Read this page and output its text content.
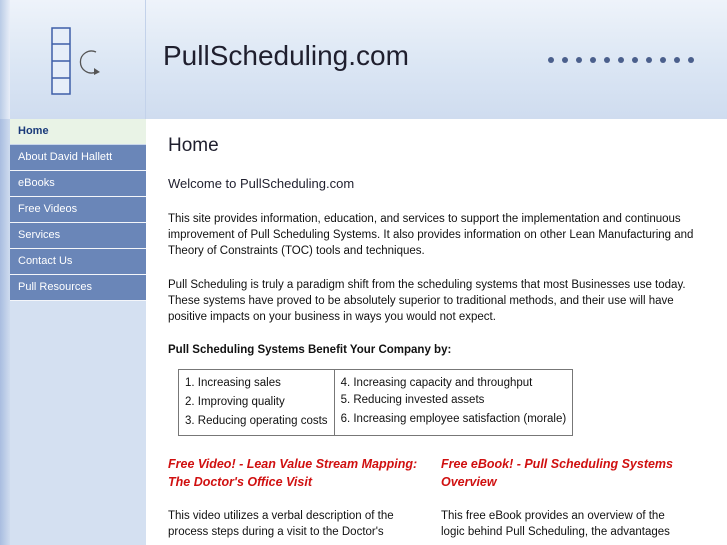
PullScheduling.com
Home
About David Hallett
eBooks
Free Videos
Services
Contact Us
Pull Resources
Home
Welcome to PullScheduling.com

This site provides information, education, and services to support the implementation and continuous improvement of Pull Scheduling Systems. It also provides information on other Lean Manufacturing and Theory of Constraints (TOC) tools and techniques.

Pull Scheduling is truly a paradigm shift from the scheduling systems that most Businesses use today. These systems have proved to be absolutely superior to traditional methods, and their use will have positive impacts on your business in ways you would not expect.

Pull Scheduling Systems Benefit Your Company by:
1. Increasing sales	4. Increasing capacity and throughput
2. Improving quality	5. Reducing invested assets
3. Reducing operating costs	6. Increasing employee satisfaction (morale)
Free Video! - Lean Value Stream Mapping: The Doctor's Office Visit
Free eBook! - Pull Scheduling Systems Overview
This video utilizes a verbal description of the process steps during a visit to the Doctor's
This free eBook provides an overview of the logic behind Pull Scheduling, the advantages
